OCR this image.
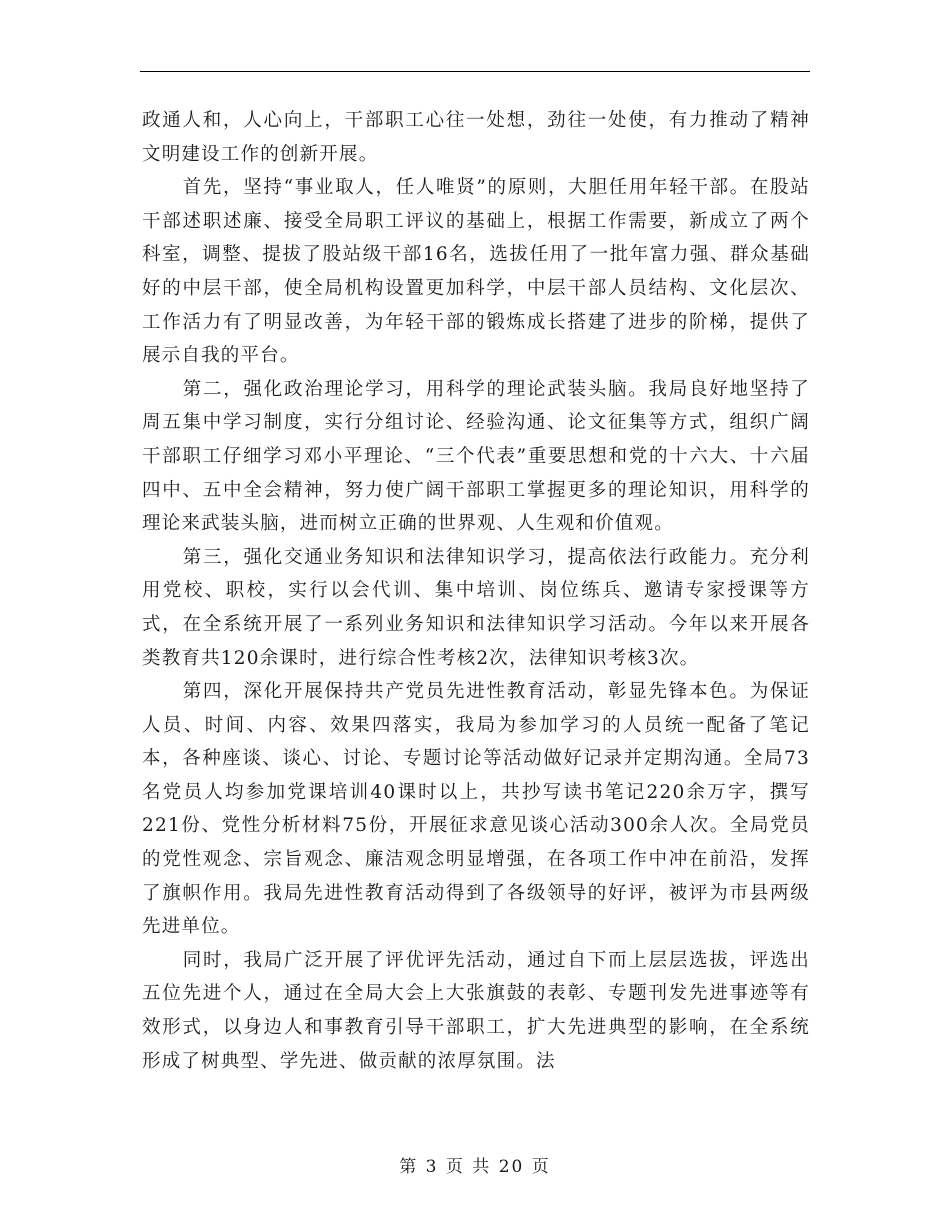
政通人和，人心向上，干部职工心往一处想，劲往一处使，有力推动了精神文明建设工作的创新开展。

首先，坚持“事业取人，任人唯贤”的原则，大胆任用年轻干部。在股站干部述职述廉、接受全局职工评议的基础上，根据工作需要，新成立了两个科室，调整、提拔了股站级干部16名，选拔任用了一批年富力强、群众基础好的中层干部，使全局机构设置更加科学，中层干部人员结构、文化层次、工作活力有了明显改善，为年轻干部的锻炼成长搭建了进步的阶梯，提供了展示自我的平台。

第二，强化政治理论学习，用科学的理论武装头脑。我局良好地坚持了周五集中学习制度，实行分组讨论、经验沟通、论文征集等方式，组织广阔干部职工仔细学习邓小平理论、“三个代表”重要思想和党的十六大、十六届四中、五中全会精神，努力使广阔干部职工掌握更多的理论知识，用科学的理论来武装头脑，进而树立正确的世界观、人生观和价值观。

第三，强化交通业务知识和法律知识学习，提高依法行政能力。充分利用党校、职校，实行以会代训、集中培训、岗位练兵、邀请专家授课等方式，在全系统开展了一系列业务知识和法律知识学习活动。今年以来开展各类教育共120余课时，进行综合性考核2次，法律知识考核3次。

第四，深化开展保持共产党员先进性教育活动，彰显先锋本色。为保证人员、时间、内容、效果四落实，我局为参加学习的人员统一配备了笔记本，各种座谈、谈心、讨论、专题讨论等活动做好记录并定期沟通。全局73名党员人均参加党课培训40课时以上，共抄写读书笔记220余万字，撰写221份、党性分析材料75份，开展征求意见谈心活动300余人次。全局党员的党性观念、宗旨观念、廉洁观念明显增强，在各项工作中冲在前沿，发挥了旗帜作用。我局先进性教育活动得到了各级领导的好评，被评为市县两级先进单位。

同时，我局广泛开展了评优评先活动，通过自下而上层层选拔，评选出五位先进个人，通过在全局大会上大张旗鼓的表彰、专题刊发先进事迹等有效形式，以身边人和事教育引导干部职工，扩大先进典型的影响，在全系统形成了树典型、学先进、做贡献的浓厚氛围。法

第 3 页 共 20 页
